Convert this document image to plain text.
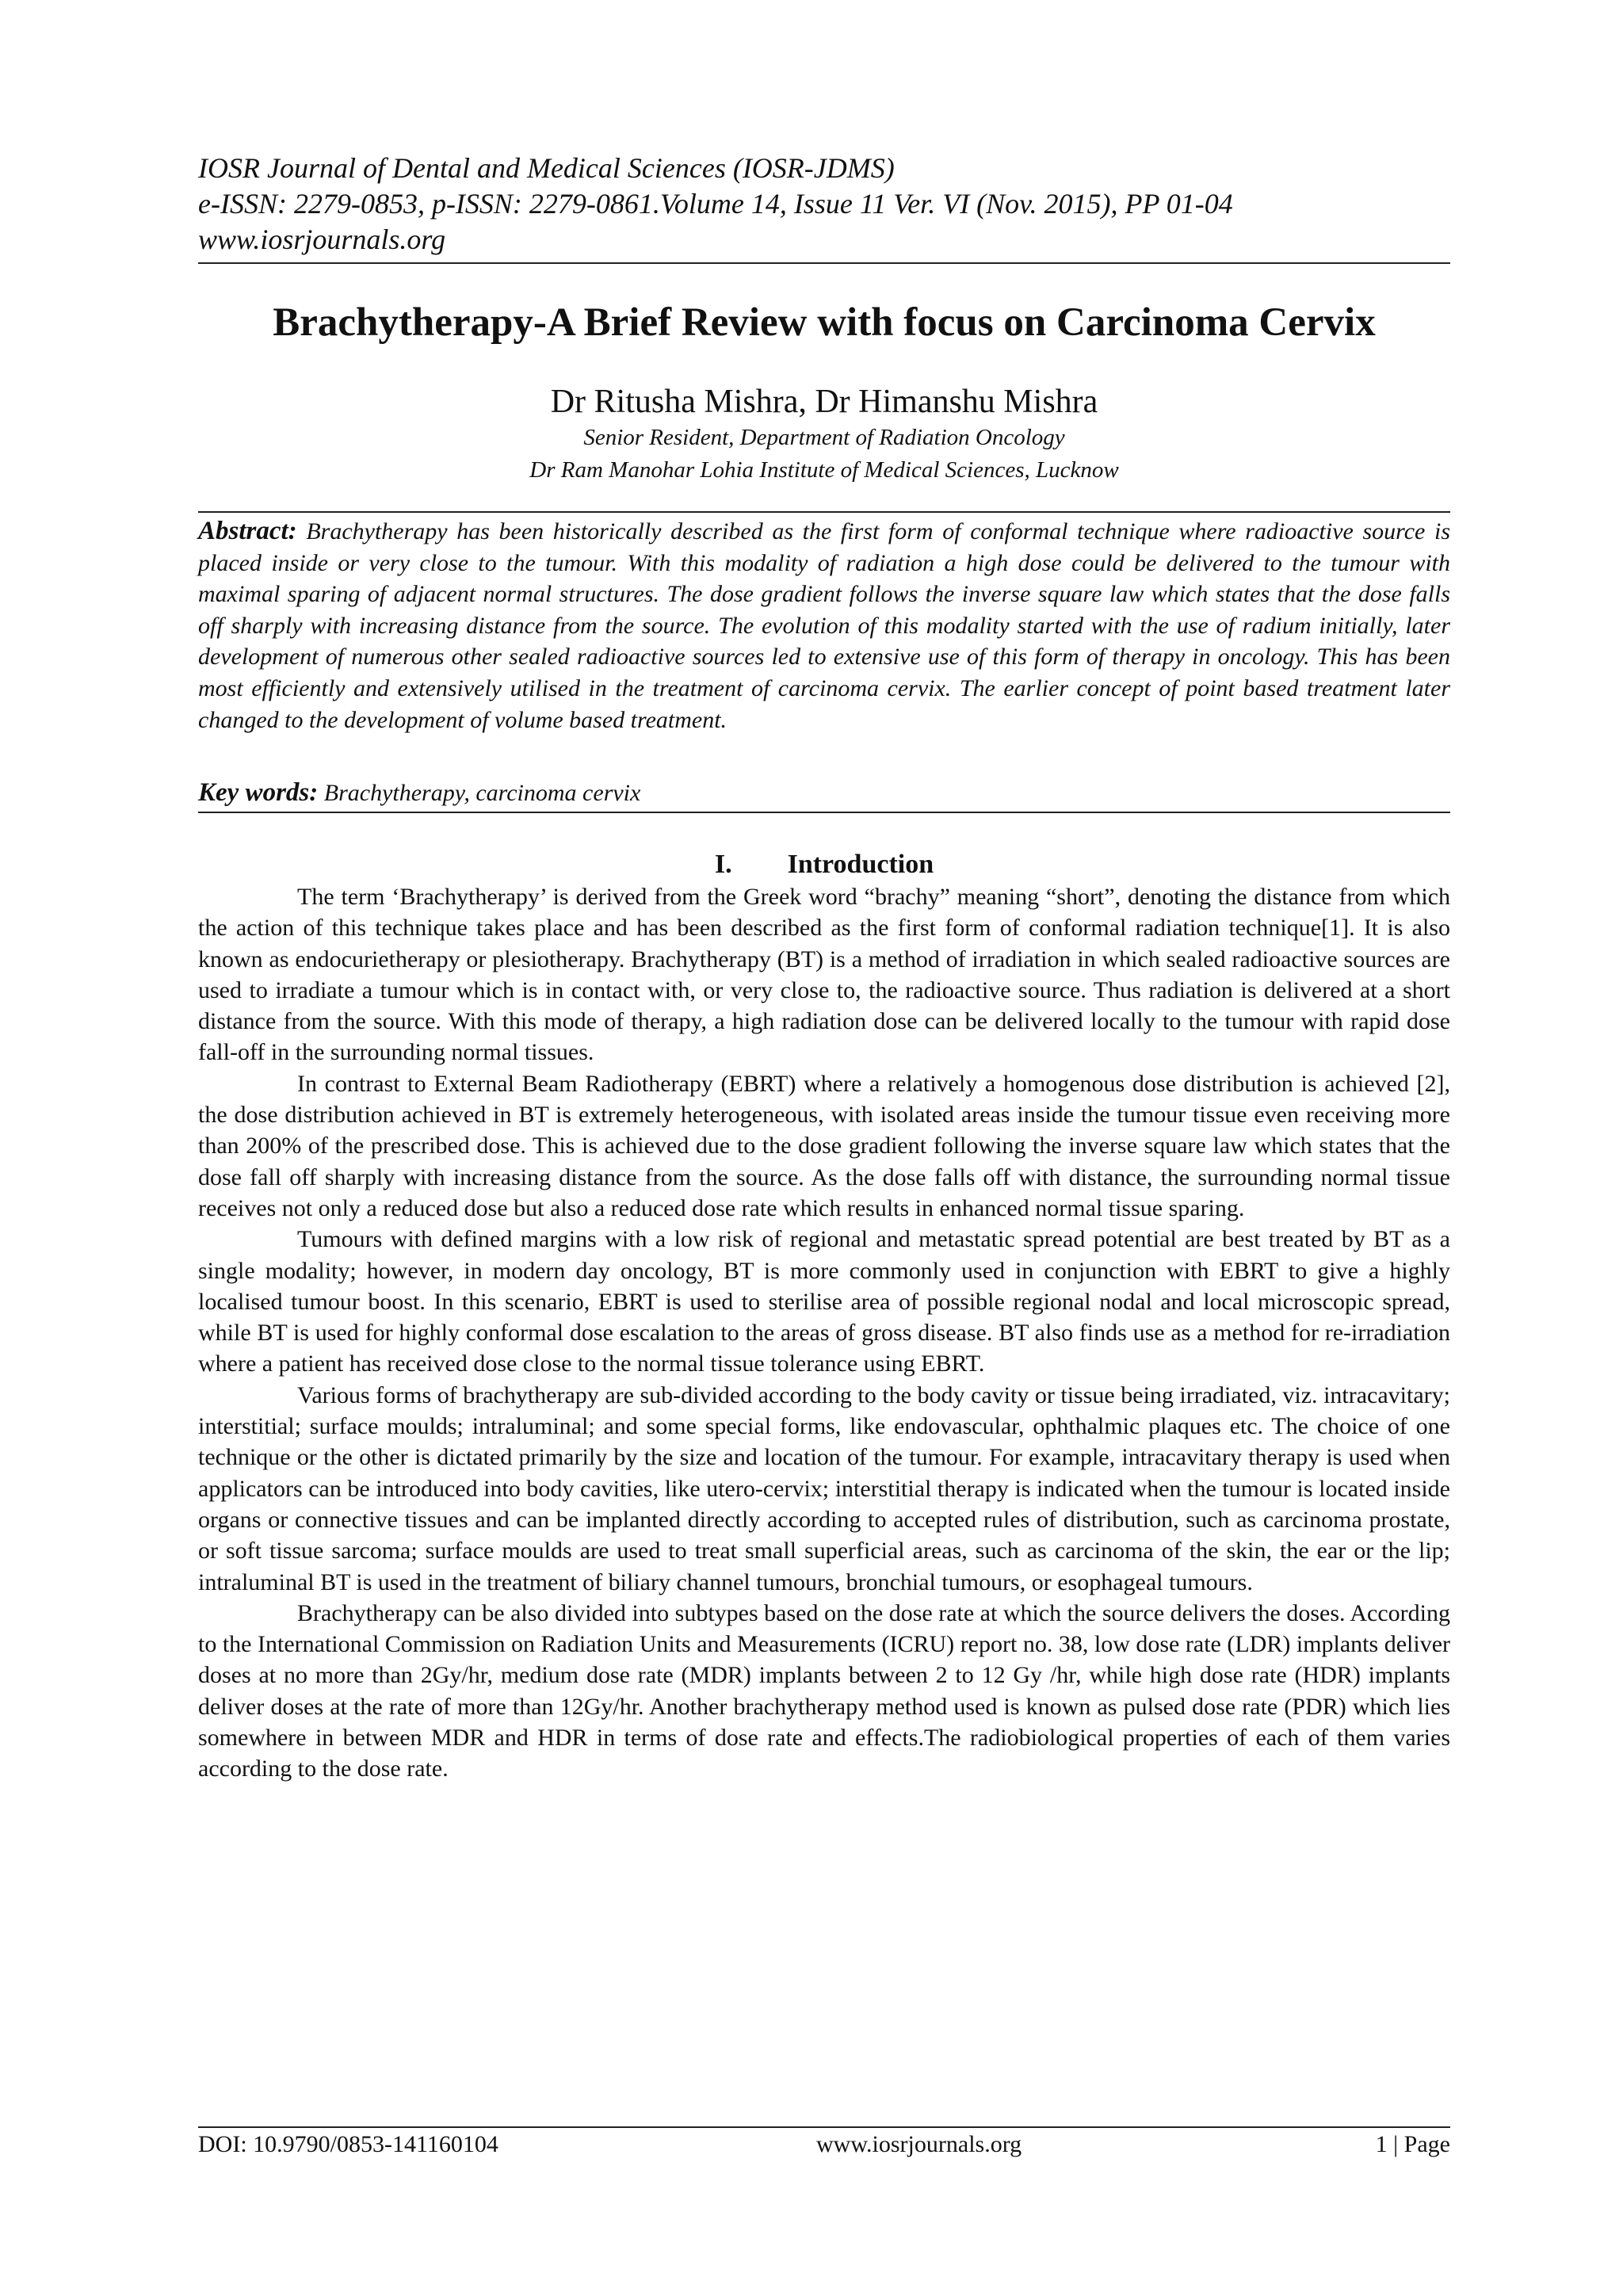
IOSR Journal of Dental and Medical Sciences (IOSR-JDMS)
e-ISSN: 2279-0853, p-ISSN: 2279-0861.Volume 14, Issue 11 Ver. VI (Nov. 2015), PP 01-04
www.iosrjournals.org
Brachytherapy-A Brief Review with focus on Carcinoma Cervix
Dr Ritusha Mishra, Dr Himanshu Mishra
Senior Resident, Department of Radiation Oncology
Dr Ram Manohar Lohia Institute of Medical Sciences, Lucknow
Abstract: Brachytherapy has been historically described as the first form of conformal technique where radioactive source is placed inside or very close to the tumour. With this modality of radiation a high dose could be delivered to the tumour with maximal sparing of adjacent normal structures. The dose gradient follows the inverse square law which states that the dose falls off sharply with increasing distance from the source. The evolution of this modality started with the use of radium initially, later development of numerous other sealed radioactive sources led to extensive use of this form of therapy in oncology. This has been most efficiently and extensively utilised in the treatment of carcinoma cervix. The earlier concept of point based treatment later changed to the development of volume based treatment.
Key words: Brachytherapy, carcinoma cervix
I. Introduction

The term ‘Brachytherapy’ is derived from the Greek word “brachy” meaning “short”, denoting the distance from which the action of this technique takes place and has been described as the first form of conformal radiation technique[1]. It is also known as endocurietherapy or plesiotherapy. Brachytherapy (BT) is a method of irradiation in which sealed radioactive sources are used to irradiate a tumour which is in contact with, or very close to, the radioactive source. Thus radiation is delivered at a short distance from the source. With this mode of therapy, a high radiation dose can be delivered locally to the tumour with rapid dose fall-off in the surrounding normal tissues.

In contrast to External Beam Radiotherapy (EBRT) where a relatively a homogenous dose distribution is achieved [2], the dose distribution achieved in BT is extremely heterogeneous, with isolated areas inside the tumour tissue even receiving more than 200% of the prescribed dose. This is achieved due to the dose gradient following the inverse square law which states that the dose fall off sharply with increasing distance from the source. As the dose falls off with distance, the surrounding normal tissue receives not only a reduced dose but also a reduced dose rate which results in enhanced normal tissue sparing.

Tumours with defined margins with a low risk of regional and metastatic spread potential are best treated by BT as a single modality; however, in modern day oncology, BT is more commonly used in conjunction with EBRT to give a highly localised tumour boost. In this scenario, EBRT is used to sterilise area of possible regional nodal and local microscopic spread, while BT is used for highly conformal dose escalation to the areas of gross disease. BT also finds use as a method for re-irradiation where a patient has received dose close to the normal tissue tolerance using EBRT.

Various forms of brachytherapy are sub-divided according to the body cavity or tissue being irradiated, viz. intracavitary; interstitial; surface moulds; intraluminal; and some special forms, like endovascular, ophthalmic plaques etc. The choice of one technique or the other is dictated primarily by the size and location of the tumour. For example, intracavitary therapy is used when applicators can be introduced into body cavities, like utero-cervix; interstitial therapy is indicated when the tumour is located inside organs or connective tissues and can be implanted directly according to accepted rules of distribution, such as carcinoma prostate, or soft tissue sarcoma; surface moulds are used to treat small superficial areas, such as carcinoma of the skin, the ear or the lip; intraluminal BT is used in the treatment of biliary channel tumours, bronchial tumours, or esophageal tumours.

Brachytherapy can be also divided into subtypes based on the dose rate at which the source delivers the doses. According to the International Commission on Radiation Units and Measurements (ICRU) report no. 38, low dose rate (LDR) implants deliver doses at no more than 2Gy/hr, medium dose rate (MDR) implants between 2 to 12 Gy /hr, while high dose rate (HDR) implants deliver doses at the rate of more than 12Gy/hr. Another brachytherapy method used is known as pulsed dose rate (PDR) which lies somewhere in between MDR and HDR in terms of dose rate and effects.The radiobiological properties of each of them varies according to the dose rate.

DOI: 10.9790/0853-141160104	www.iosrjournals.org	1 | Page
